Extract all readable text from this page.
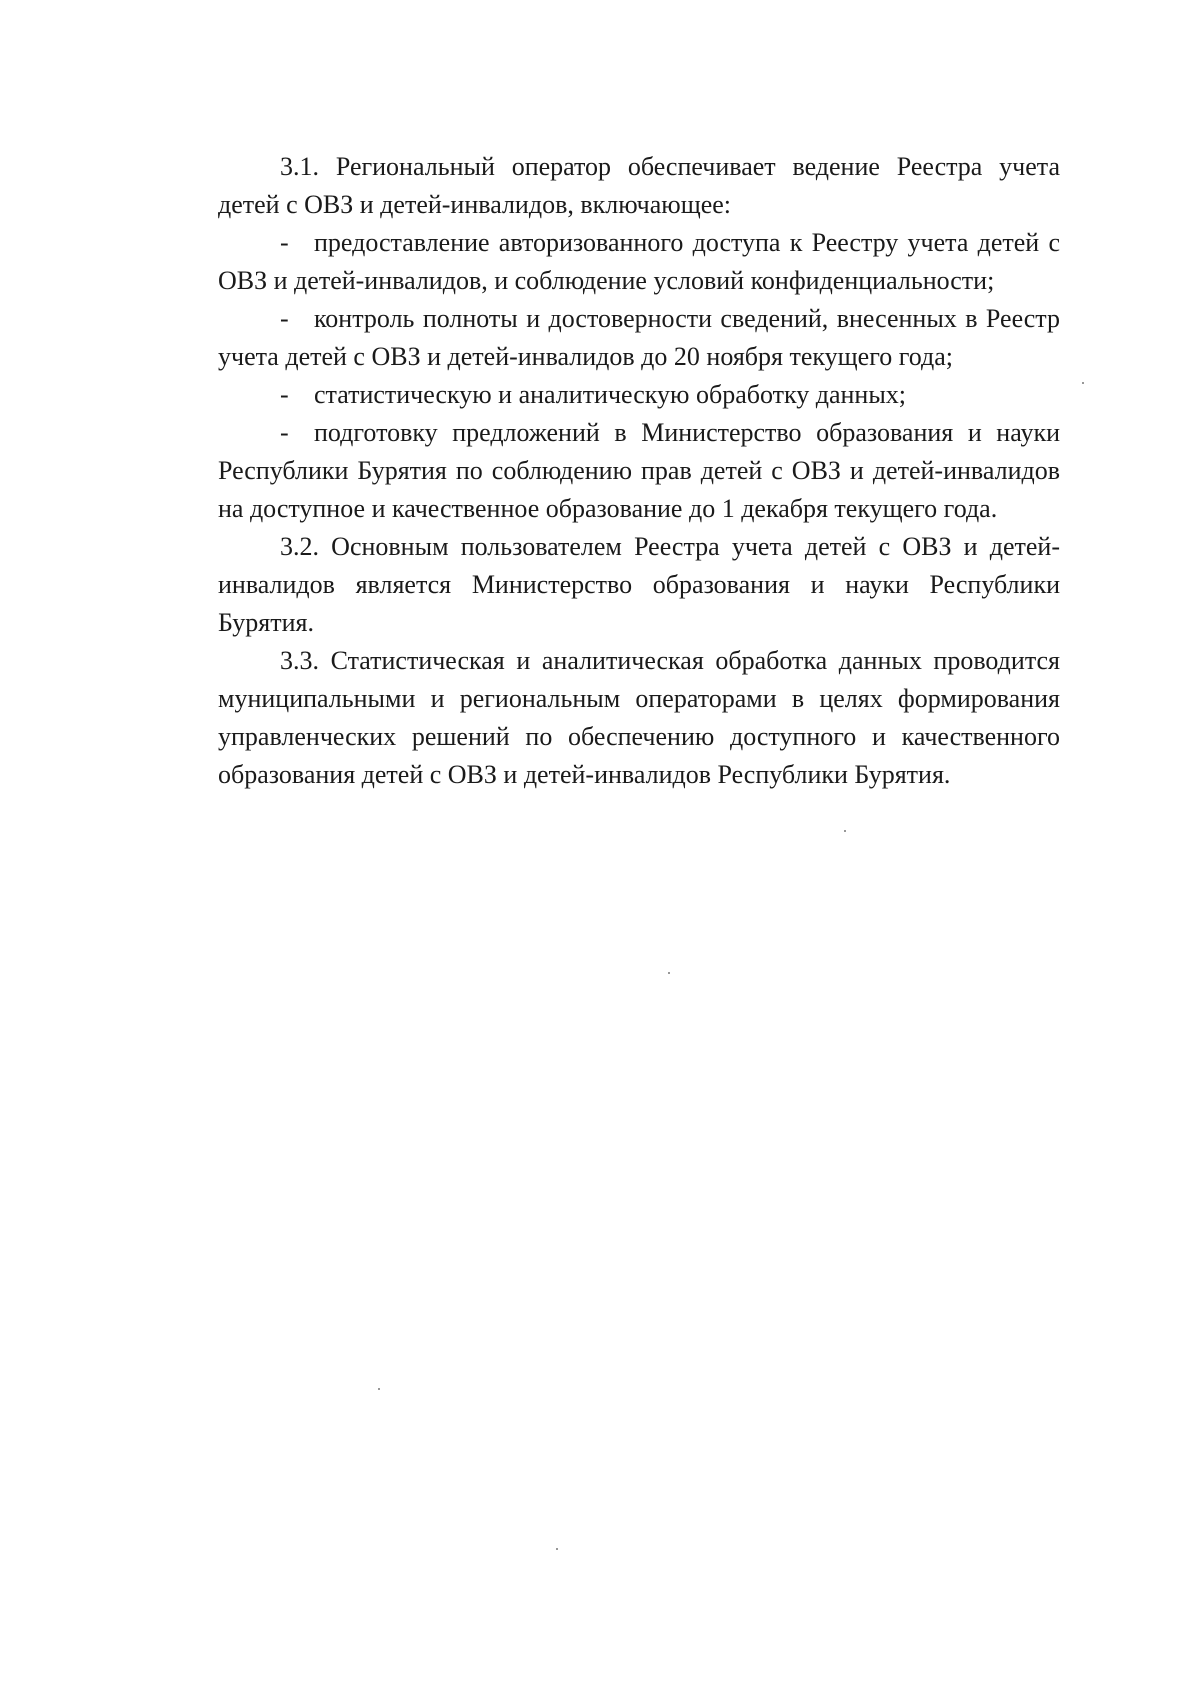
3.1. Региональный оператор обеспечивает ведение Реестра учета детей с ОВЗ и детей-инвалидов, включающее:

- предоставление авторизованного доступа к Реестру учета детей с ОВЗ и детей-инвалидов, и соблюдение условий конфиденциальности;

- контроль полноты и достоверности сведений, внесенных в Реестр учета детей с ОВЗ и детей-инвалидов до 20 ноября текущего года;

- статистическую и аналитическую обработку данных;

- подготовку предложений в Министерство образования и науки Республики Бурятия по соблюдению прав детей с ОВЗ и детей-инвалидов на доступное и качественное образование до 1 декабря текущего года.

3.2. Основным пользователем Реестра учета детей с ОВЗ и детей-инвалидов является Министерство образования и науки Республики Бурятия.

3.3. Статистическая и аналитическая обработка данных проводится муниципальными и региональным операторами в целях формирования управленческих решений по обеспечению доступного и качественного образования детей с ОВЗ и детей-инвалидов Республики Бурятия.
